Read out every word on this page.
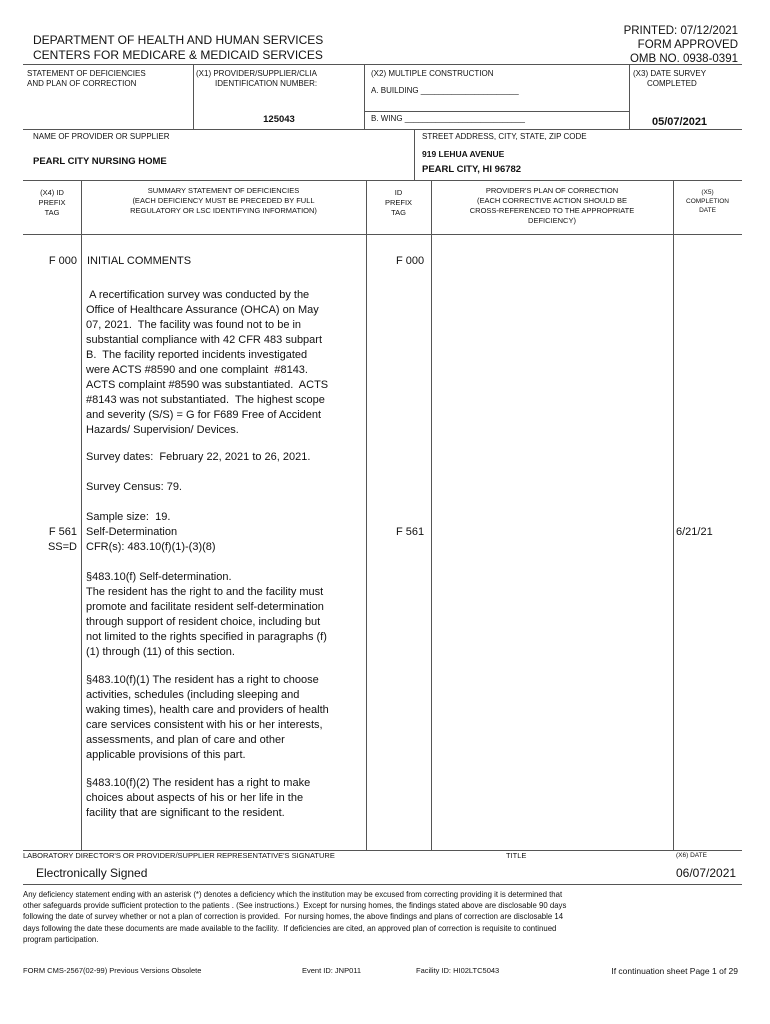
PRINTED: 07/12/2021
FORM APPROVED
OMB NO. 0938-0391
DEPARTMENT OF HEALTH AND HUMAN SERVICES
CENTERS FOR MEDICARE & MEDICAID SERVICES
STATEMENT OF DEFICIENCIES
AND PLAN OF CORRECTION
(X1) PROVIDER/SUPPLIER/CLIA
IDENTIFICATION NUMBER:
125043
(X2) MULTIPLE CONSTRUCTION
A. BUILDING ______________________
B. WING ___________________________
(X3) DATE SURVEY
COMPLETED
05/07/2021
NAME OF PROVIDER OR SUPPLIER
PEARL CITY NURSING HOME
STREET ADDRESS, CITY, STATE, ZIP CODE
919 LEHUA AVENUE
PEARL CITY, HI 96782
(X4) ID
PREFIX
TAG
SUMMARY STATEMENT OF DEFICIENCIES
(EACH DEFICIENCY MUST BE PRECEDED BY FULL
REGULATORY OR LSC IDENTIFYING INFORMATION)
ID
PREFIX
TAG
PROVIDER'S PLAN OF CORRECTION
(EACH CORRECTIVE ACTION SHOULD BE
CROSS-REFERENCED TO THE APPROPRIATE
DEFICIENCY)
(X5)
COMPLETION
DATE
F 000 INITIAL COMMENTS	F 000
A recertification survey was conducted by the
Office of Healthcare Assurance (OHCA) on May
07, 2021.  The facility was found not to be in
substantial compliance with 42 CFR 483 subpart
B.  The facility reported incidents investigated
were ACTS #8590 and one complaint  #8143.
ACTS complaint #8590 was substantiated.  ACTS
#8143 was not substantiated.  The highest scope
and severity (S/S) = G for F689 Free of Accident
Hazards/ Supervision/ Devices.
Survey dates:  February 22, 2021 to 26, 2021.
Survey Census: 79.
Sample size:  19.
F 561
SS=D
Self-Determination
CFR(s): 483.10(f)(1)-(3)(8)
F 561	6/21/21
§483.10(f) Self-determination.
The resident has the right to and the facility must
promote and facilitate resident self-determination
through support of resident choice, including but
not limited to the rights specified in paragraphs (f)
(1) through (11) of this section.
§483.10(f)(1) The resident has a right to choose
activities, schedules (including sleeping and
waking times), health care and providers of health
care services consistent with his or her interests,
assessments, and plan of care and other
applicable provisions of this part.
§483.10(f)(2) The resident has a right to make
choices about aspects of his or her life in the
facility that are significant to the resident.
LABORATORY DIRECTOR'S OR PROVIDER/SUPPLIER REPRESENTATIVE'S SIGNATURE	TITLE	(X6) DATE
Electronically Signed	06/07/2021
Any deficiency statement ending with an asterisk (*) denotes a deficiency which the institution may be excused from correcting providing it is determined that
other safeguards provide sufficient protection to the patients . (See instructions.)  Except for nursing homes, the findings stated above are disclosable 90 days
following the date of survey whether or not a plan of correction is provided.  For nursing homes, the above findings and plans of correction are disclosable 14
days following the date these documents are made available to the facility.  If deficiencies are cited, an approved plan of correction is requisite to continued
program participation.
FORM CMS-2567(02-99) Previous Versions Obsolete	Event ID: JNP011	Facility ID: HI02LTC5043	If continuation sheet Page 1 of 29
